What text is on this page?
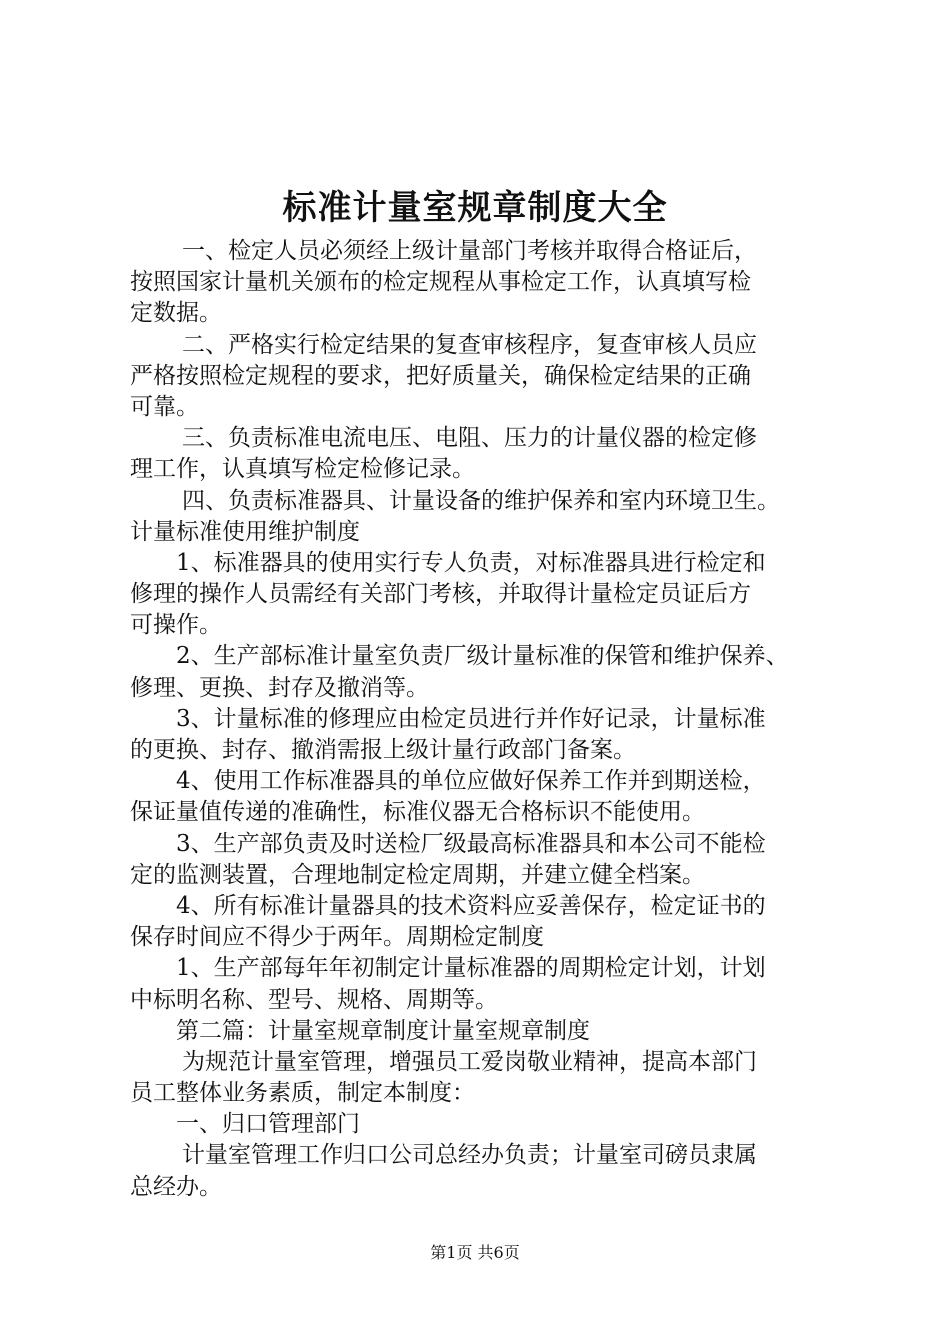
标准计量室规章制度大全
一、检定人员必须经上级计量部门考核并取得合格证后，
按照国家计量机关颁布的检定规程从事检定工作，认真填写检
定数据。
二、严格实行检定结果的复查审核程序，复查审核人员应
严格按照检定规程的要求，把好质量关，确保检定结果的正确
可靠。
三、负责标准电流电压、电阻、压力的计量仪器的检定修
理工作，认真填写检定检修记录。
四、负责标准器具、计量设备的维护保养和室内环境卫生。
计量标准使用维护制度
1、标准器具的使用实行专人负责，对标准器具进行检定和
修理的操作人员需经有关部门考核，并取得计量检定员证后方
可操作。
2、生产部标准计量室负责厂级计量标准的保管和维护保养、
修理、更换、封存及撤消等。
3、计量标准的修理应由检定员进行并作好记录，计量标准
的更换、封存、撤消需报上级计量行政部门备案。
4、使用工作标准器具的单位应做好保养工作并到期送检，
保证量值传递的准确性，标准仪器无合格标识不能使用。
3、生产部负责及时送检厂级最高标准器具和本公司不能检
定的监测装置，合理地制定检定周期，并建立健全档案。
4、所有标准计量器具的技术资料应妥善保存，检定证书的
保存时间应不得少于两年。周期检定制度
1、生产部每年年初制定计量标准器的周期检定计划，计划
中标明名称、型号、规格、周期等。
第二篇：计量室规章制度计量室规章制度
为规范计量室管理，增强员工爱岗敬业精神，提高本部门
员工整体业务素质，制定本制度：
一、归口管理部门
计量室管理工作归口公司总经办负责；计量室司磅员隶属
总经办。
第1页 共6页
